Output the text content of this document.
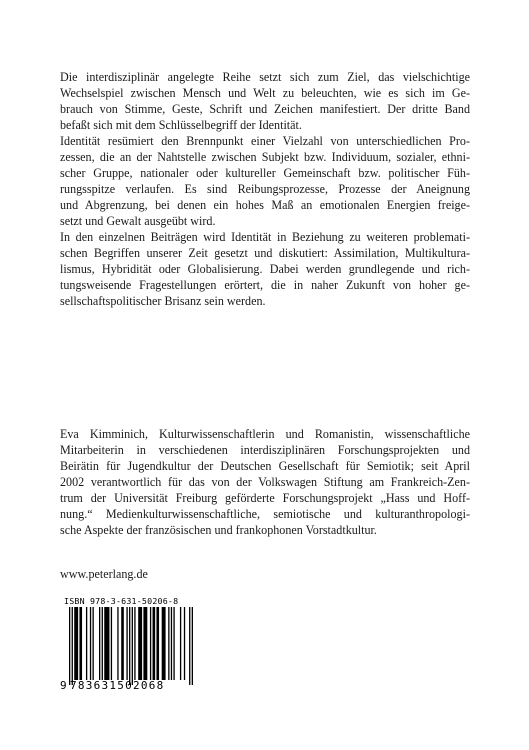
Die interdisziplinär angelegte Reihe setzt sich zum Ziel, das vielschichtige
Wechselspiel zwischen Mensch und Welt zu beleuchten, wie es sich im Ge-
brauch von Stimme, Geste, Schrift und Zeichen manifestiert. Der dritte Band
befaßt sich mit dem Schlüsselbegriff der Identität.
Identität resümiert den Brennpunkt einer Vielzahl von unterschiedlichen Pro-
zessen, die an der Nahtstelle zwischen Subjekt bzw. Individuum, sozialer, ethni-
scher Gruppe, nationaler oder kultureller Gemeinschaft bzw. politischer Füh-
rungsspitze verlaufen. Es sind Reibungsprozesse, Prozesse der Aneignung
und Abgrenzung, bei denen ein hohes Maß an emotionalen Energien freige-
setzt und Gewalt ausgeübt wird.
In den einzelnen Beiträgen wird Identität in Beziehung zu weiteren problemati-
schen Begriffen unserer Zeit gesetzt und diskutiert: Assimilation, Multikultura-
lismus, Hybridität oder Globalisierung. Dabei werden grundlegende und rich-
tungsweisende Fragestellungen erörtert, die in naher Zukunft von hoher ge-
sellschaftspolitischer Brisanz sein werden.
Eva Kimminich, Kulturwissenschaftlerin und Romanistin, wissenschaftliche
Mitarbeiterin in verschiedenen interdisziplinären Forschungsprojekten und
Beirätin für Jugendkultur der Deutschen Gesellschaft für Semiotik; seit April
2002 verantwortlich für das von der Volkswagen Stiftung am Frankreich-Zen-
trum der Universität Freiburg geförderte Forschungsprojekt „Hass und Hoff-
nung.“ Medienkulturwissenschaftliche, semiotische und kulturanthropologi-
sche Aspekte der französischen und frankophonen Vorstadtkultur.
www.peterlang.de
ISBN 978-3-631-50206-8
9 783631502068
